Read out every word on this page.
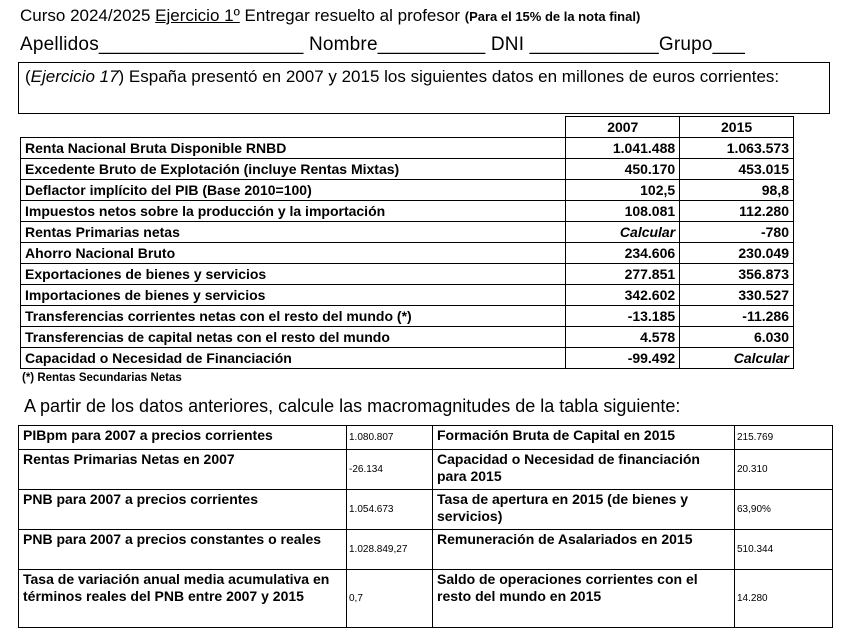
Curso 2024/2025 Ejercicio 1º Entregar resuelto al profesor (Para el 15% de la nota final)
Apellidos___________________ Nombre__________ DNI ____________Grupo___
(Ejercicio 17) España presentó en 2007 y 2015 los siguientes datos en millones de euros corrientes:
	2007	2015
Renta Nacional Bruta Disponible RNBD	1.041.488	1.063.573
Excedente Bruto de Explotación (incluye Rentas Mixtas)	450.170	453.015
Deflactor implícito del PIB (Base 2010=100)	102,5	98,8
Impuestos netos sobre la producción y la importación	108.081	112.280
Rentas Primarias netas	Calcular	-780
Ahorro Nacional Bruto	234.606	230.049
Exportaciones de bienes y servicios	277.851	356.873
Importaciones de bienes y servicios	342.602	330.527
Transferencias corrientes netas con el resto del mundo (*)	-13.185	-11.286
Transferencias de capital netas con el resto del mundo	4.578	6.030
Capacidad o Necesidad de Financiación	-99.492	Calcular
(*) Rentas Secundarias Netas
A partir de los datos anteriores, calcule las macromagnitudes de la tabla siguiente:
PIBpm para 2007 a precios corrientes	1.080.807	Formación Bruta de Capital en 2015	215.769
Rentas Primarias Netas en 2007	-26.134	Capacidad o Necesidad de financiación para 2015	20.310
PNB para 2007 a precios corrientes	1.054.673	Tasa de apertura en 2015 (de bienes y servicios)	63,90%
PNB para 2007 a precios constantes o reales	1.028.849,27	Remuneración de Asalariados en 2015	510.344
Tasa de variación anual media acumulativa en términos reales del PNB entre 2007 y 2015	0,7	Saldo de operaciones corrientes con el resto del mundo en 2015	14.280
